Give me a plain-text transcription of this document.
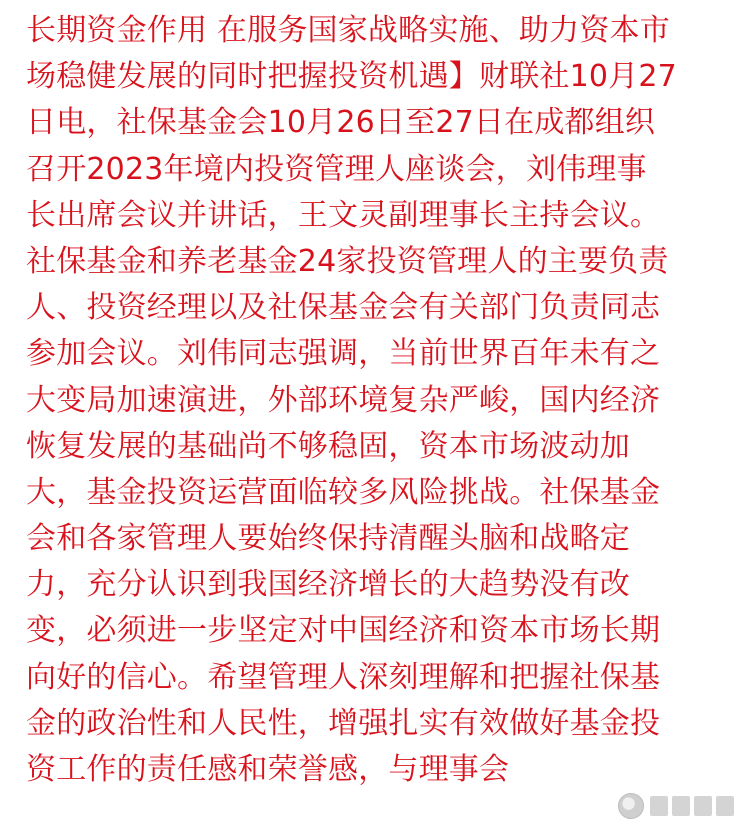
长期资金作用 在服务国家战略实施、助力资本市
场稳健发展的同时把握投资机遇】财联社10月27
日电，社保基金会10月26日至27日在成都组织
召开2023年境内投资管理人座谈会，刘伟理事
长出席会议并讲话，王文灵副理事长主持会议。
社保基金和养老基金24家投资管理人的主要负责
人、投资经理以及社保基金会有关部门负责同志
参加会议。刘伟同志强调，当前世界百年未有之
大变局加速演进，外部环境复杂严峻，国内经济
恢复发展的基础尚不够稳固，资本市场波动加
大，基金投资运营面临较多风险挑战。社保基金
会和各家管理人要始终保持清醒头脑和战略定
力，充分认识到我国经济增长的大趋势没有改
变，必须进一步坚定对中国经济和资本市场长期
向好的信心。希望管理人深刻理解和把握社保基
金的政治性和人民性，增强扎实有效做好基金投
资工作的责任感和荣誉感，与理事会
